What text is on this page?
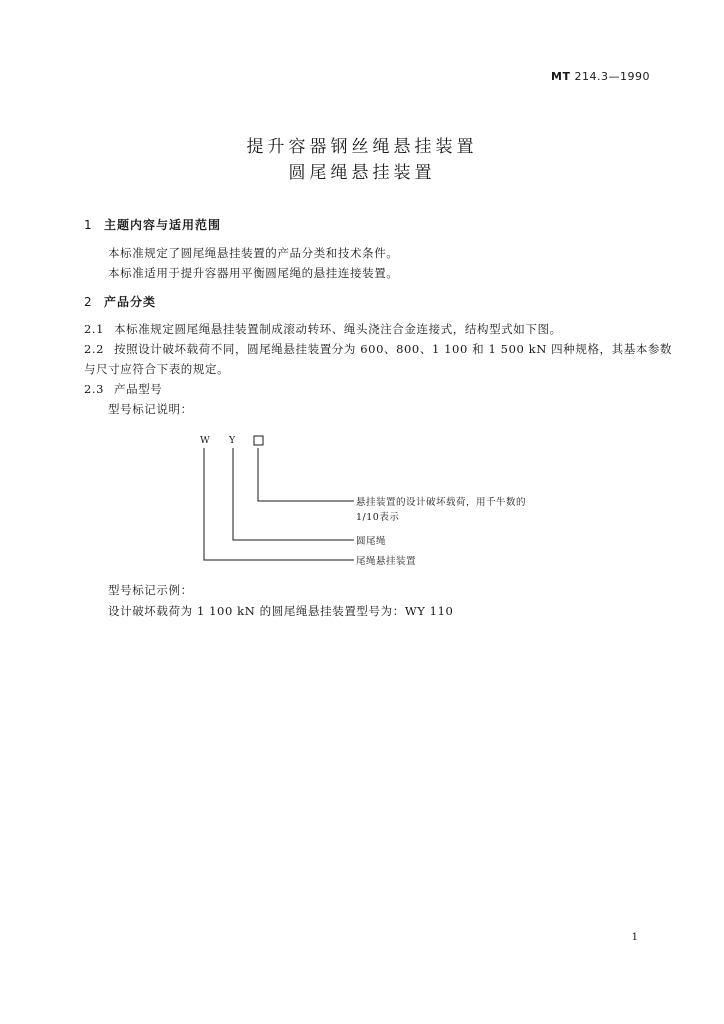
MT 214.3—1990
提升容器钢丝绳悬挂装置
圆尾绳悬挂装置
1 主题内容与适用范围
本标准规定了圆尾绳悬挂装置的产品分类和技术条件。
本标准适用于提升容器用平衡圆尾绳的悬挂连接装置。
2 产品分类
2.1 本标准规定圆尾绳悬挂装置制成滚动转环、绳头浇注合金连接式，结构型式如下图。
2.2 按照设计破坏载荷不同，圆尾绳悬挂装置分为 600、800、1 100 和 1 500 kN 四种规格，其基本参数
与尺寸应符合下表的规定。
2.3 产品型号
型号标记说明：
W Y
悬挂装置的设计破坏载荷，用千牛数的
1/10表示
圆尾绳
尾绳悬挂装置
型号标记示例：
设计破坏载荷为 1 100 kN 的圆尾绳悬挂装置型号为：WY 110
1
